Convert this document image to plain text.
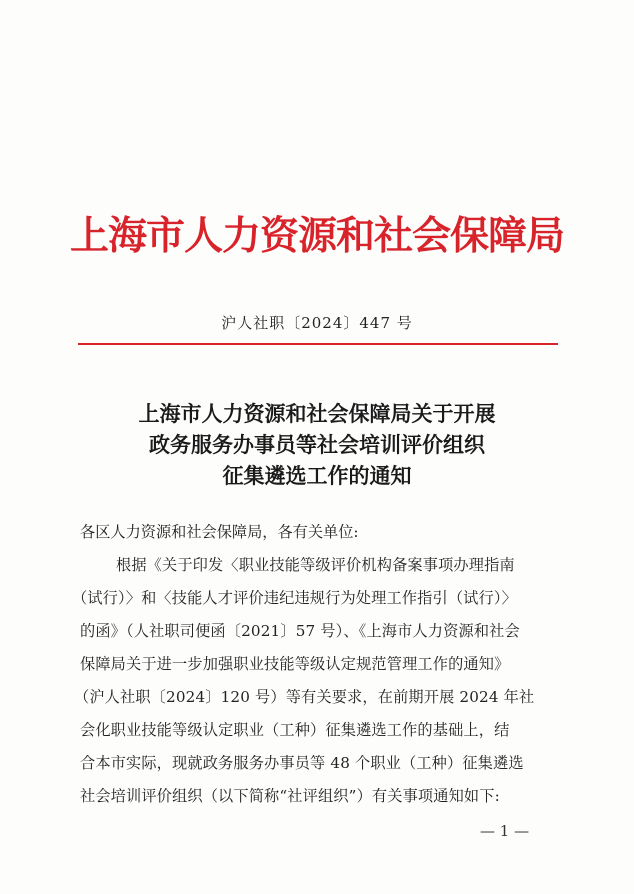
上海市人力资源和社会保障局
沪人社职〔2024〕447 号
上海市人力资源和社会保障局关于开展
政务服务办事员等社会培训评价组织
征集遴选工作的通知
各区人力资源和社会保障局，各有关单位:
根据《关于印发〈职业技能等级评价机构备案事项办理指南
（试行）〉和〈技能人才评价违纪违规行为处理工作指引（试行）〉
的函》（人社职司便函〔2021〕57 号）、《上海市人力资源和社会
保障局关于进一步加强职业技能等级认定规范管理工作的通知》
（沪人社职〔2024〕120 号）等有关要求，在前期开展 2024 年社
会化职业技能等级认定职业（工种）征集遴选工作的基础上，结
合本市实际，现就政务服务办事员等 48 个职业（工种）征集遴选
社会培训评价组织（以下简称“社评组织”）有关事项通知如下:
— 1 —
